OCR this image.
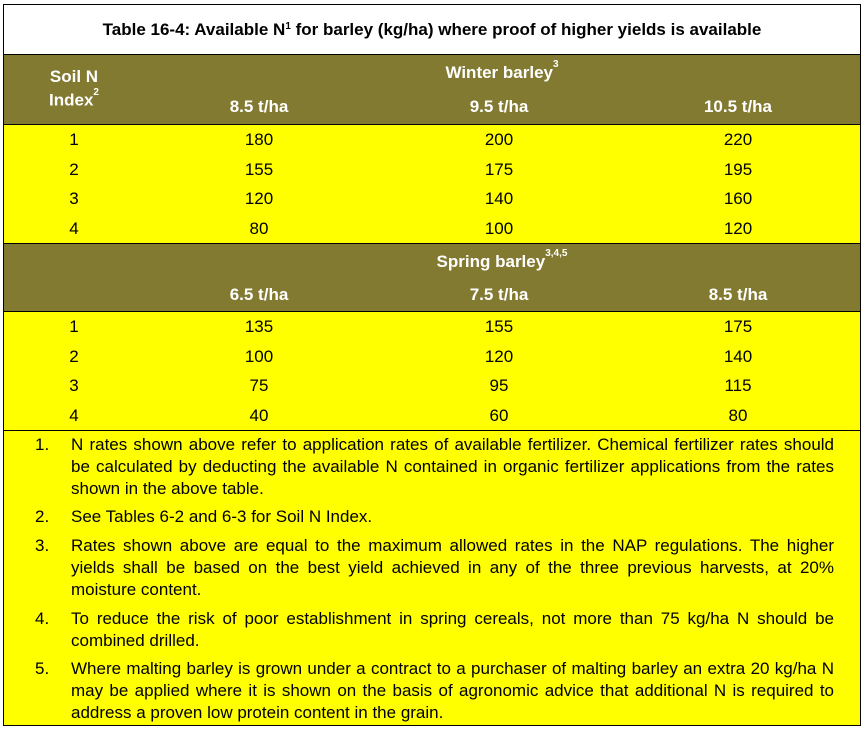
Table 16-4: Available $N^1$ for barley (kg/ha) where proof of higher yields is available
Soil N
Index$^2$
Winter barley$^3$
8.5 t/ha	9.5 t/ha	10.5 t/ha
1	180	200	220
2	155	175	195
3	120	140	160
4	80	100	120
Spring barley$^{3,4,5}$
6.5 t/ha	7.5 t/ha	8.5 t/ha
1	135	155	175
2	100	120	140
3	75	95	115
4	40	60	80
1.	N rates shown above refer to application rates of available fertilizer. Chemical fertilizer rates should be calculated by deducting the available N contained in organic fertilizer applications from the rates shown in the above table.
2.	See Tables 6-2 and 6-3 for Soil N Index.
3.	Rates shown above are equal to the maximum allowed rates in the NAP regulations. The higher yields shall be based on the best yield achieved in any of the three previous harvests, at 20% moisture content.
4.	To reduce the risk of poor establishment in spring cereals, not more than 75 kg/ha N should be combined drilled.
5.	Where malting barley is grown under a contract to a purchaser of malting barley an extra 20 kg/ha N may be applied where it is shown on the basis of agronomic advice that additional N is required to address a proven low protein content in the grain.
